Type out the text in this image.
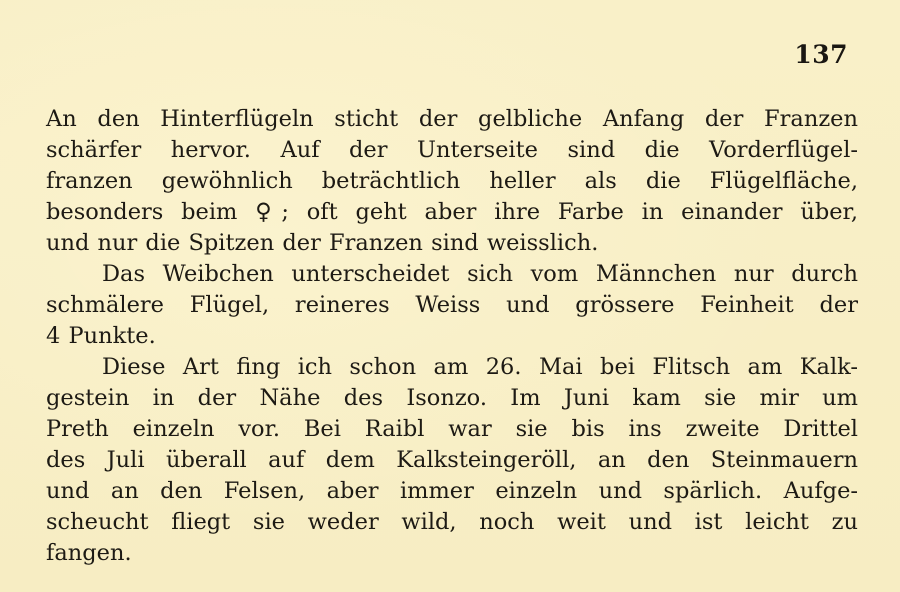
137
An den Hinterflügeln sticht der gelbliche Anfang der Franzen
schärfer hervor. Auf der Unterseite sind die Vorderflügel-
franzen gewöhnlich beträchtlich heller als die Flügelfläche,
besonders beim ♀; oft geht aber ihre Farbe in einander über,
und nur die Spitzen der Franzen sind weisslich.
Das Weibchen unterscheidet sich vom Männchen nur durch
schmälere Flügel, reineres Weiss und grössere Feinheit der
4 Punkte.
Diese Art fing ich schon am 26. Mai bei Flitsch am Kalk-
gestein in der Nähe des Isonzo. Im Juni kam sie mir um
Preth einzeln vor. Bei Raibl war sie bis ins zweite Drittel
des Juli überall auf dem Kalksteingeröll, an den Steinmauern
und an den Felsen, aber immer einzeln und spärlich. Aufge-
scheucht fliegt sie weder wild, noch weit und ist leicht zu
fangen.
